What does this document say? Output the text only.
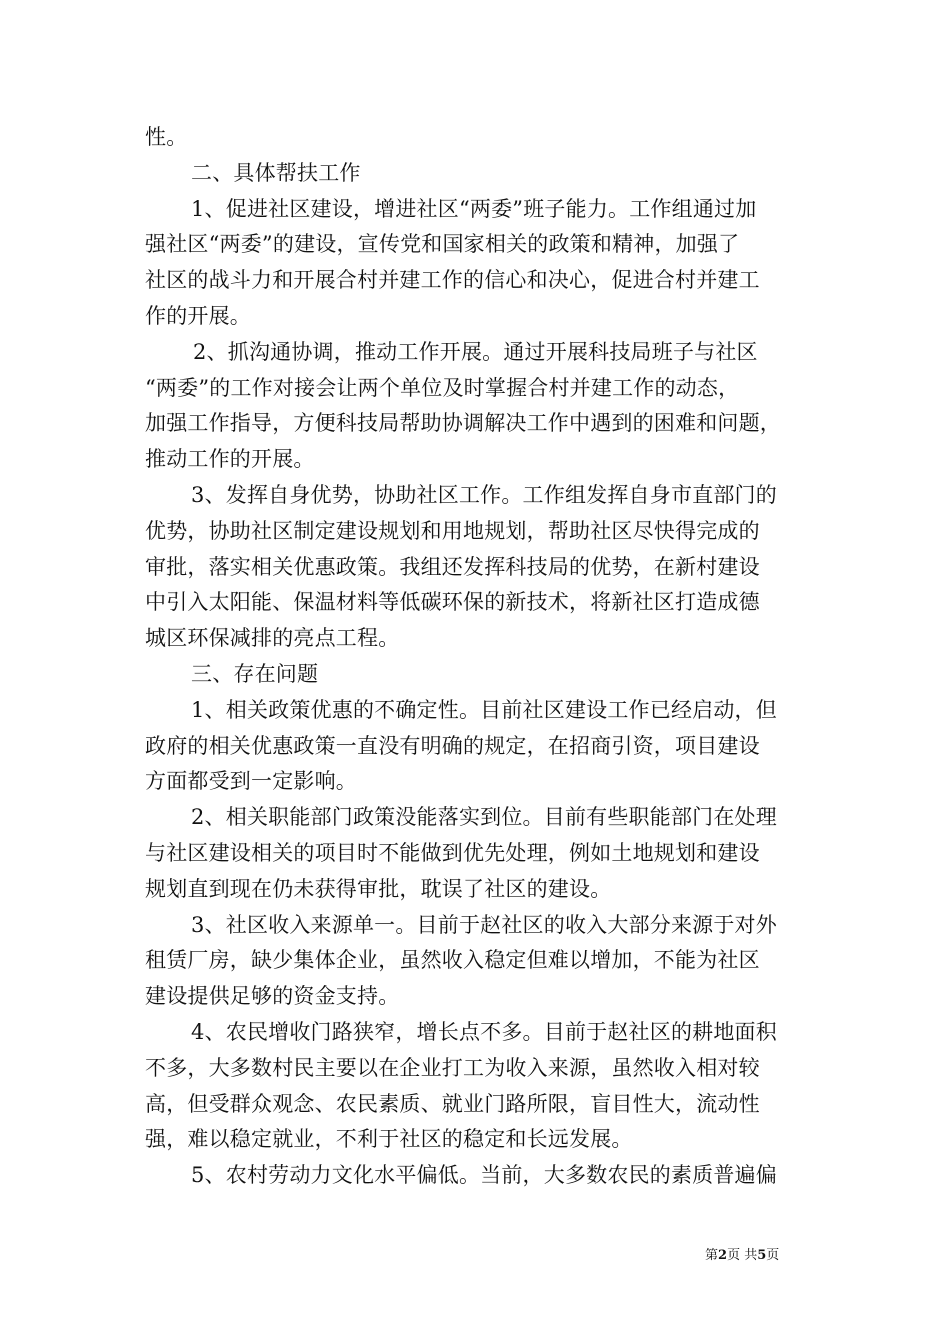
性。
二、具体帮扶工作
1、促进社区建设，增进社区“两委”班子能力。工作组通过加
强社区“两委”的建设，宣传党和国家相关的政策和精神，加强了
社区的战斗力和开展合村并建工作的信心和决心，促进合村并建工
作的开展。
2、抓沟通协调，推动工作开展。通过开展科技局班子与社区
“两委”的工作对接会让两个单位及时掌握合村并建工作的动态，
加强工作指导，方便科技局帮助协调解决工作中遇到的困难和问题，
推动工作的开展。
3、发挥自身优势，协助社区工作。工作组发挥自身市直部门的
优势，协助社区制定建设规划和用地规划，帮助社区尽快得完成的
审批，落实相关优惠政策。我组还发挥科技局的优势，在新村建设
中引入太阳能、保温材料等低碳环保的新技术，将新社区打造成德
城区环保减排的亮点工程。
三、存在问题
1、相关政策优惠的不确定性。目前社区建设工作已经启动，但
政府的相关优惠政策一直没有明确的规定，在招商引资，项目建设
方面都受到一定影响。
2、相关职能部门政策没能落实到位。目前有些职能部门在处理
与社区建设相关的项目时不能做到优先处理，例如土地规划和建设
规划直到现在仍未获得审批，耽误了社区的建设。
3、社区收入来源单一。目前于赵社区的收入大部分来源于对外
租赁厂房，缺少集体企业，虽然收入稳定但难以增加，不能为社区
建设提供足够的资金支持。
4、农民增收门路狭窄，增长点不多。目前于赵社区的耕地面积
不多，大多数村民主要以在企业打工为收入来源，虽然收入相对较
高，但受群众观念、农民素质、就业门路所限，盲目性大，流动性
强，难以稳定就业，不利于社区的稳定和长远发展。
5、农村劳动力文化水平偏低。当前，大多数农民的素质普遍偏
第2页 共5页
